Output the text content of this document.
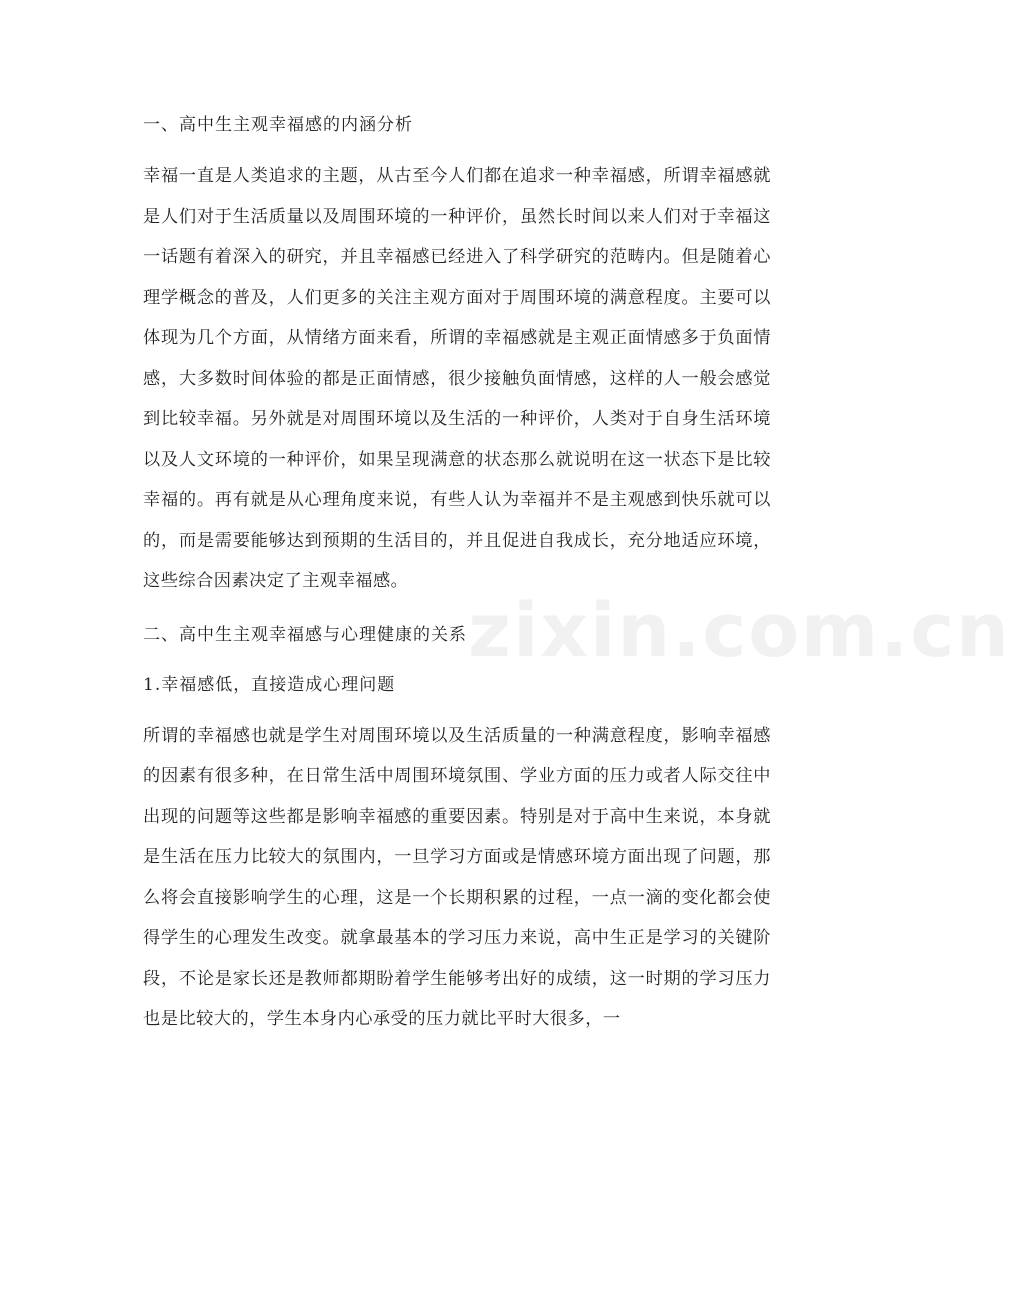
一、高中生主观幸福感的内涵分析
幸福一直是人类追求的主题，从古至今人们都在追求一种幸福感，所谓幸福感就是人们对于生活质量以及周围环境的一种评价，虽然长时间以来人们对于幸福这一话题有着深入的研究，并且幸福感已经进入了科学研究的范畴内。但是随着心理学概念的普及，人们更多的关注主观方面对于周围环境的满意程度。主要可以体现为几个方面，从情绪方面来看，所谓的幸福感就是主观正面情感多于负面情感，大多数时间体验的都是正面情感，很少接触负面情感，这样的人一般会感觉到比较幸福。另外就是对周围环境以及生活的一种评价，人类对于自身生活环境以及人文环境的一种评价，如果呈现满意的状态那么就说明在这一状态下是比较幸福的。再有就是从心理角度来说，有些人认为幸福并不是主观感到快乐就可以的，而是需要能够达到预期的生活目的，并且促进自我成长，充分地适应环境，这些综合因素决定了主观幸福感。
二、高中生主观幸福感与心理健康的关系
1.幸福感低，直接造成心理问题
所谓的幸福感也就是学生对周围环境以及生活质量的一种满意程度，影响幸福感的因素有很多种，在日常生活中周围环境氛围、学业方面的压力或者人际交往中出现的问题等这些都是影响幸福感的重要因素。特别是对于高中生来说，本身就是生活在压力比较大的氛围内，一旦学习方面或是情感环境方面出现了问题，那么将会直接影响学生的心理，这是一个长期积累的过程，一点一滴的变化都会使得学生的心理发生改变。就拿最基本的学习压力来说，高中生正是学习的关键阶段，不论是家长还是教师都期盼着学生能够考出好的成绩，这一时期的学习压力也是比较大的，学生本身内心承受的压力就比平时大很多，一
zixin.com.cn
